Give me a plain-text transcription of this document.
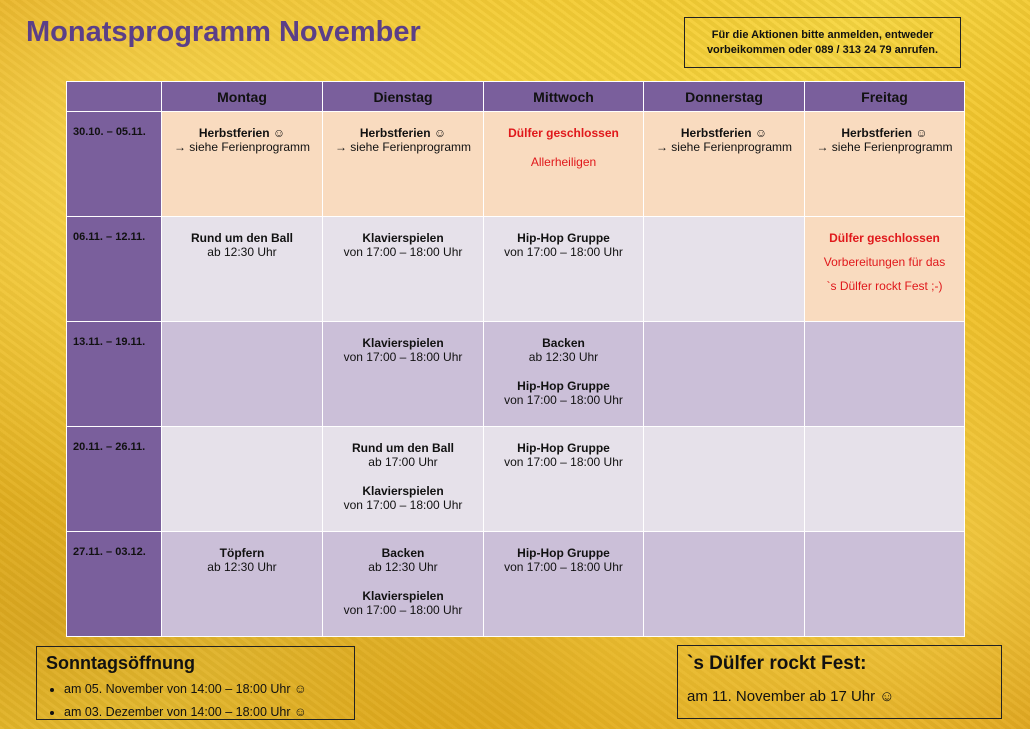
Monatsprogramm November	Für die Aktionen bitte anmelden, entweder
vorbeikommen oder 089 / 313 24 79 anrufen.
	Montag	Dienstag	Mittwoch	Donnerstag	Freitag
30.10. – 05.11.	Herbstferien ☺
→ siehe Ferienprogramm	Herbstferien ☺
→ siehe Ferienprogramm	Dülfer geschlossen
Allerheiligen	Herbstferien ☺
→ siehe Ferienprogramm	Herbstferien ☺
→ siehe Ferienprogramm

06.11. – 12.11.	Rund um den Ball
ab 12:30 Uhr	Klavierspielen
von 17:00 – 18:00 Uhr	Hip-Hop Gruppe
von 17:00 – 18:00 Uhr		Dülfer geschlossen
Vorbereitungen für das
`s Dülfer rockt Fest ;-)

13.11. – 19.11.		Klavierspielen
von 17:00 – 18:00 Uhr	Backen
ab 12:30 Uhr
Hip-Hop Gruppe
von 17:00 – 18:00 Uhr		

20.11. – 26.11.		Rund um den Ball
ab 17:00 Uhr
Klavierspielen
von 17:00 – 18:00 Uhr	Hip-Hop Gruppe
von 17:00 – 18:00 Uhr		

27.11. – 03.12.	Töpfern
ab 12:30 Uhr	Backen
ab 12:30 Uhr
Klavierspielen
von 17:00 – 18:00 Uhr	Hip-Hop Gruppe
von 17:00 – 18:00 Uhr		

Sonntagsöffnung
• am 05. November von 14:00 – 18:00 Uhr ☺
• am 03. Dezember von 14:00 – 18:00 Uhr ☺
`s Dülfer rockt Fest:

am 11. November ab 17 Uhr ☺
